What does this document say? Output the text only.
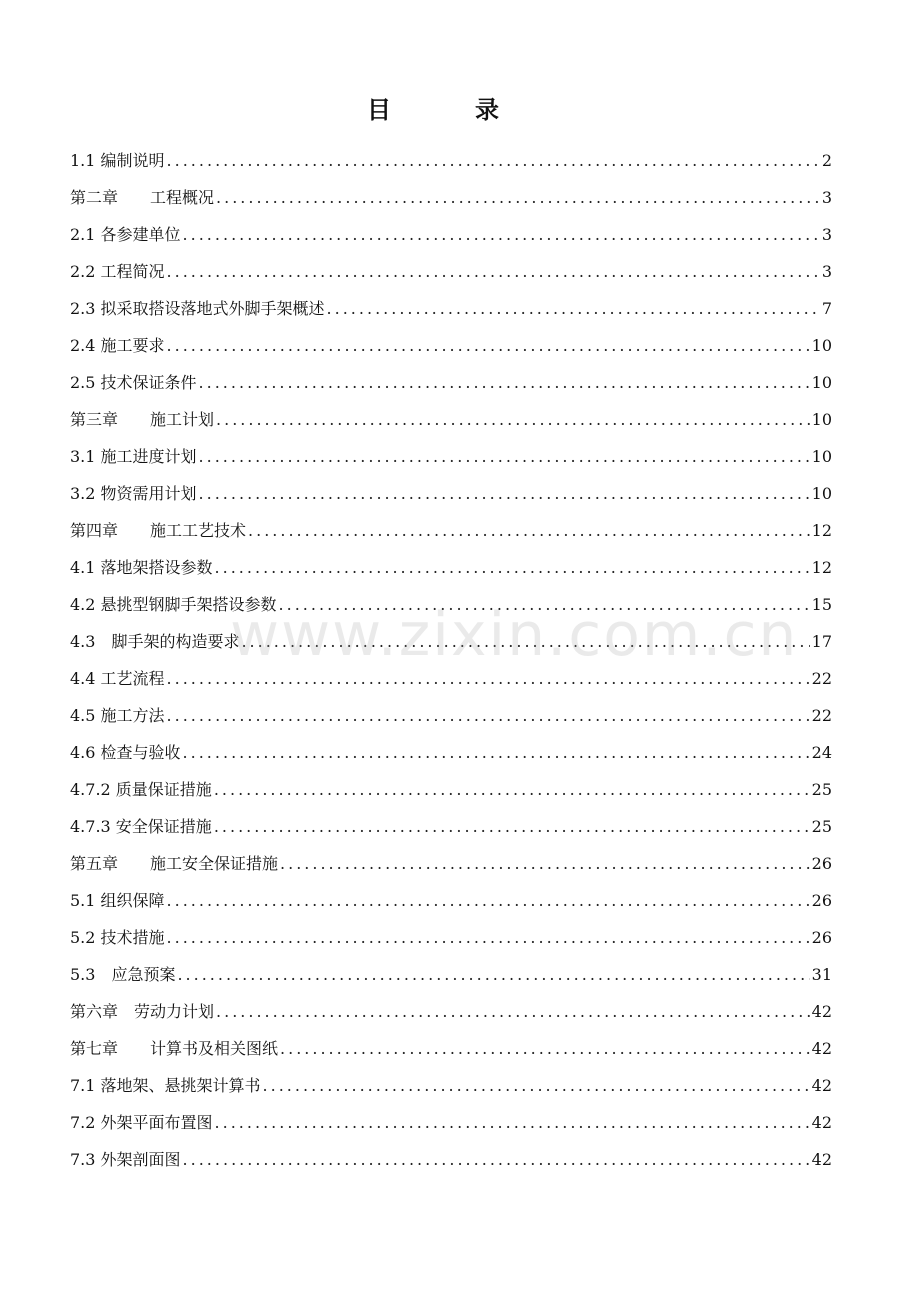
目　录
1.1 编制说明 .....	2
第二章　　工程概况 .....	3
2.1 各参建单位 .....	3
2.2 工程简况 .....	3
2.3 拟采取搭设落地式外脚手架概述 .....	7
2.4 施工要求 .....	10
2.5 技术保证条件 .....	10
第三章　　施工计划 .....	10
3.1 施工进度计划 .....	10
3.2 物资需用计划 .....	10
第四章　　施工工艺技术 .....	12
4.1 落地架搭设参数 .....	12
4.2 悬挑型钢脚手架搭设参数 .....	15
4.3　脚手架的构造要求 .....	17
4.4 工艺流程 .....	22
4.5 施工方法 .....	22
4.6 检查与验收 .....	24
4.7.2 质量保证措施 .....	25
4.7.3 安全保证措施 .....	25
第五章　　施工安全保证措施 .....	26
5.1 组织保障 .....	26
5.2 技术措施 .....	26
5.3　应急预案 .....	31
第六章　劳动力计划 .....	42
第七章　　计算书及相关图纸 .....	42
7.1 落地架、悬挑架计算书 .....	42
7.2 外架平面布置图 .....	42
7.3 外架剖面图 .....	42
www.zixin.com.cn
